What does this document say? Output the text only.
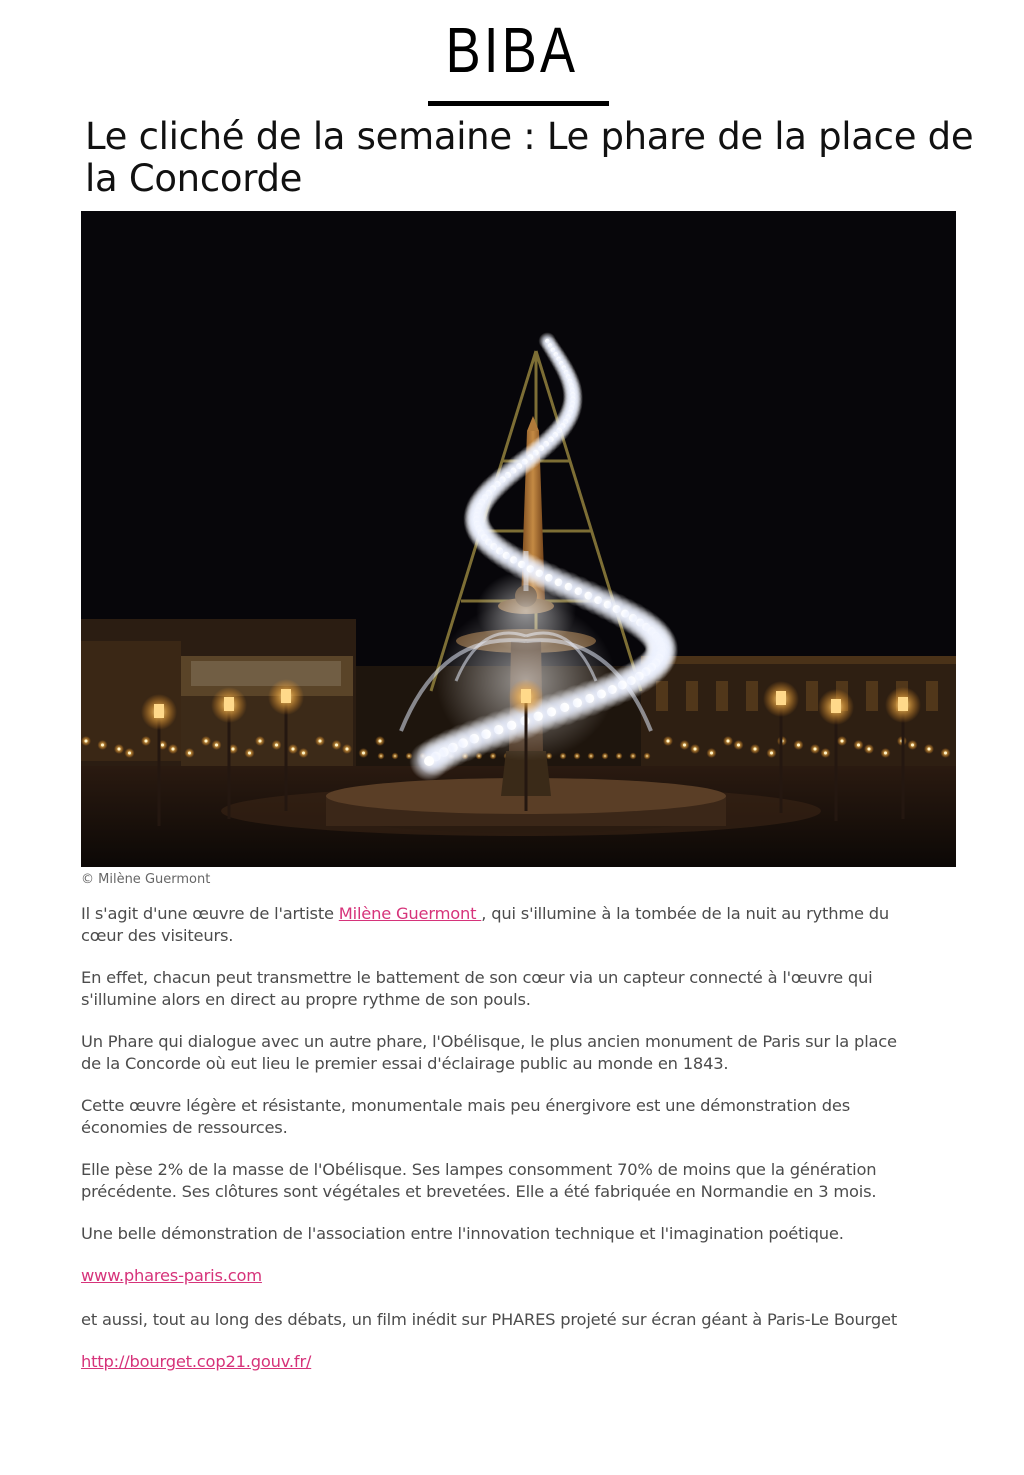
BIBA
Le cliché de la semaine : Le phare de la place de la Concorde
© Milène Guermont

Il s'agit d'une œuvre de l'artiste Milène Guermont , qui s'illumine à la tombée de la nuit au rythme du cœur des visiteurs.

En effet, chacun peut transmettre le battement de son cœur via un capteur connecté à l'œuvre qui s'illumine alors en direct au propre rythme de son pouls.

Un Phare qui dialogue avec un autre phare, l'Obélisque, le plus ancien monument de Paris sur la place de la Concorde où eut lieu le premier essai d'éclairage public au monde en 1843.

Cette œuvre légère et résistante, monumentale mais peu énergivore est une démonstration des économies de ressources.

Elle pèse 2% de la masse de l'Obélisque. Ses lampes consomment 70% de moins que la génération précédente. Ses clôtures sont végétales et brevetées. Elle a été fabriquée en Normandie en 3 mois.

Une belle démonstration de l'association entre l'innovation technique et l'imagination poétique.

www.phares-paris.com

et aussi, tout au long des débats, un film inédit sur PHARES projeté sur écran géant à Paris-Le Bourget

http://bourget.cop21.gouv.fr/
